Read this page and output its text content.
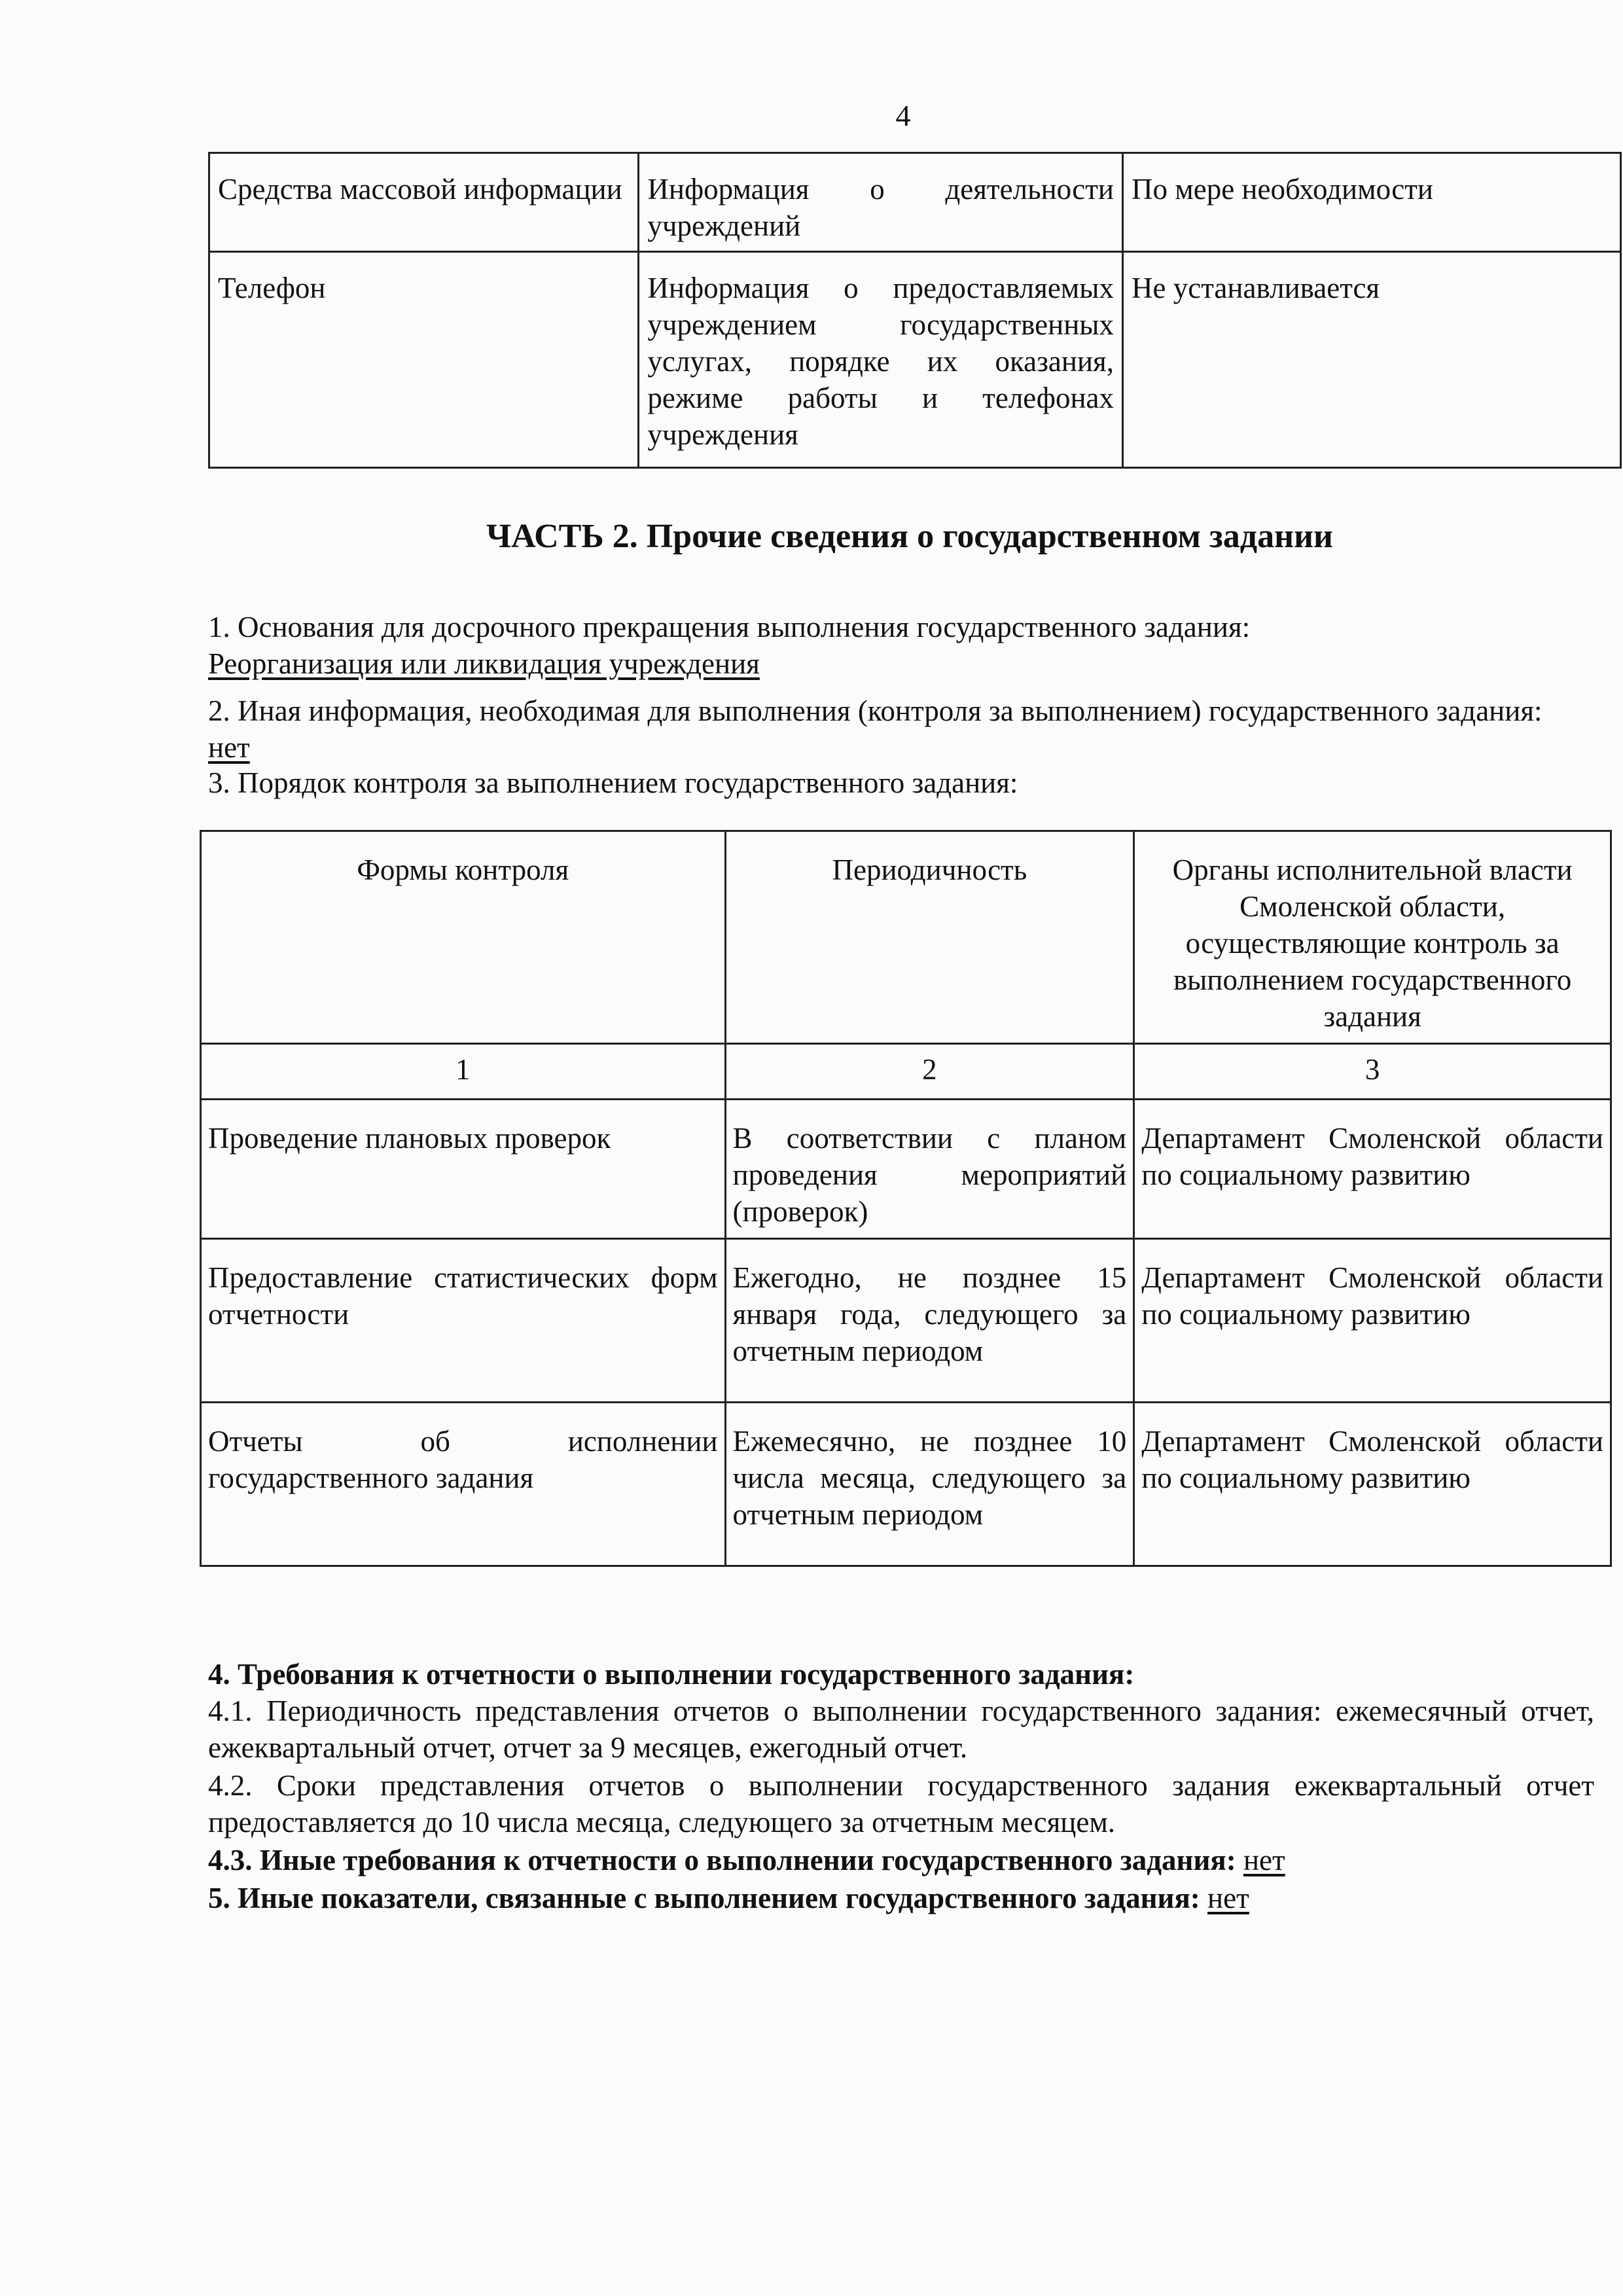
4
Средства массовой информации	Информация о деятельности учреждений	По мере необходимости
Телефон	Информация о предоставляемых учреждением государственных услугах, порядке их оказания, режиме работы и телефонах учреждения	Не устанавливается
ЧАСТЬ 2. Прочие сведения о государственном задании
1. Основания для досрочного прекращения выполнения государственного задания:
Реорганизация или ликвидация учреждения
2. Иная информация, необходимая для выполнения (контроля за выполнением) государственного задания: нет
3. Порядок контроля за выполнением государственного задания:
Формы контроля	Периодичность	Органы исполнительной власти Смоленской области, осуществляющие контроль за выполнением государственного задания
1	2	3
Проведение плановых проверок	В соответствии с планом проведения мероприятий (проверок)	Департамент Смоленской области по социальному развитию
Предоставление статистических форм отчетности	Ежегодно, не позднее 15 января года, следующего за отчетным периодом	Департамент Смоленской области по социальному развитию
Отчеты об исполнении государственного задания	Ежемесячно, не позднее 10 числа месяца, следующего за отчетным периодом	Департамент Смоленской области по социальному развитию
4. Требования к отчетности о выполнении государственного задания:
4.1. Периодичность представления отчетов о выполнении государственного задания: ежемесячный отчет, ежеквартальный отчет, отчет за 9 месяцев, ежегодный отчет.
4.2. Сроки представления отчетов о выполнении государственного задания ежеквартальный отчет предоставляется до 10 числа месяца, следующего за отчетным месяцем.
4.3. Иные требования к отчетности о выполнении государственного задания: нет
5. Иные показатели, связанные с выполнением государственного задания: нет
